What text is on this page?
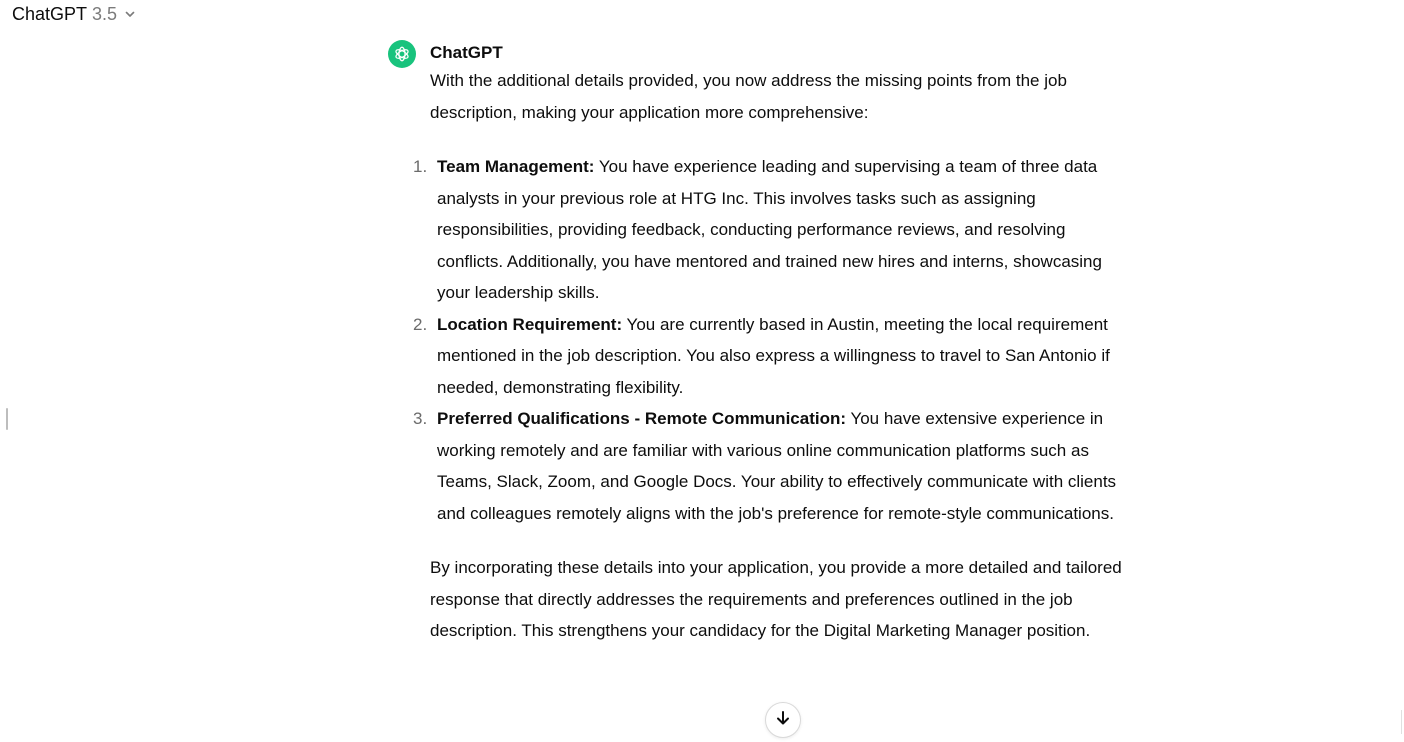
ChatGPT 3.5
ChatGPT

With the additional details provided, you now address the missing points from the job description, making your application more comprehensive:

1. Team Management: You have experience leading and supervising a team of three data analysts in your previous role at HTG Inc. This involves tasks such as assigning responsibilities, providing feedback, conducting performance reviews, and resolving conflicts. Additionally, you have mentored and trained new hires and interns, showcasing your leadership skills.
2. Location Requirement: You are currently based in Austin, meeting the local requirement mentioned in the job description. You also express a willingness to travel to San Antonio if needed, demonstrating flexibility.
3. Preferred Qualifications - Remote Communication: You have extensive experience in working remotely and are familiar with various online communication platforms such as Teams, Slack, Zoom, and Google Docs. Your ability to effectively communicate with clients and colleagues remotely aligns with the job's preference for remote-style communications.

By incorporating these details into your application, you provide a more detailed and tailored response that directly addresses the requirements and preferences outlined in the job description. This strengthens your candidacy for the Digital Marketing Manager position.
